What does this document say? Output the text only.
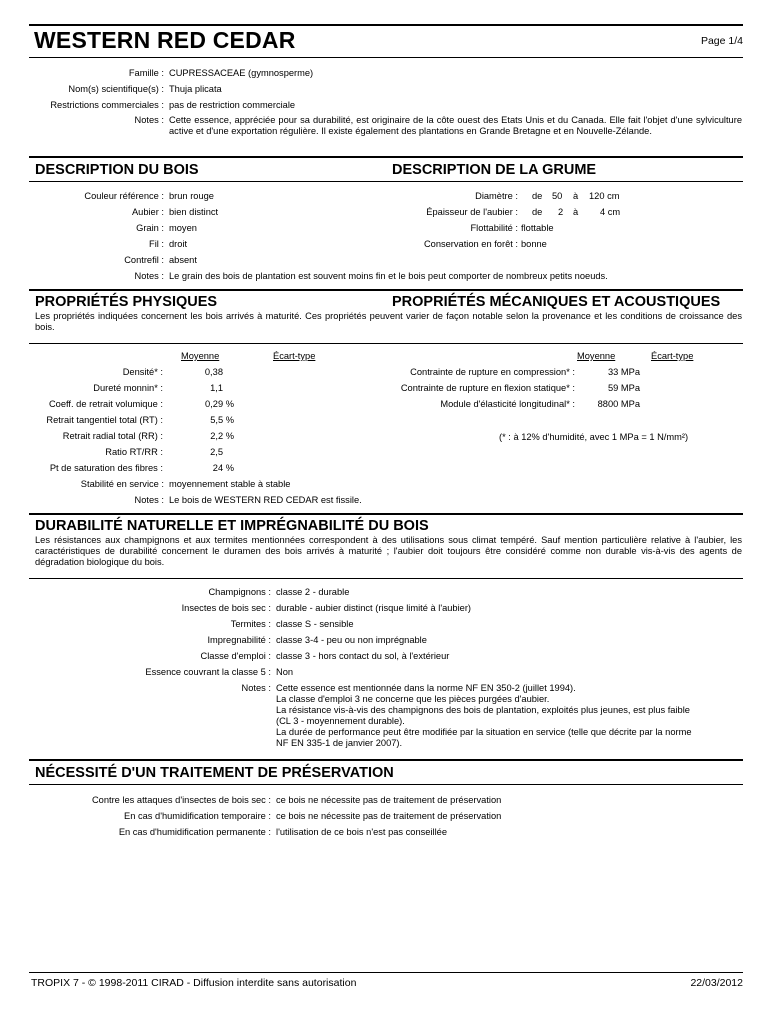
WESTERN RED CEDAR	Page 1/4
Famille : CUPRESSACEAE (gymnosperme)
Nom(s) scientifique(s) : Thuja plicata
Restrictions commerciales : pas de restriction commerciale
Notes : Cette essence, appréciée pour sa durabilité, est originaire de la côte ouest des Etats Unis et du Canada. Elle fait l'objet d'une sylviculture active et d'une exportation régulière. Il existe également des plantations en Grande Bretagne et en Nouvelle-Zélande.
DESCRIPTION DU BOIS	DESCRIPTION DE LA GRUME
Couleur référence : brun rouge
Aubier : bien distinct
Grain : moyen
Fil : droit
Contrefil : absent
Notes : Le grain des bois de plantation est souvent moins fin et le bois peut comporter de nombreux petits noeuds.
Diamètre : de 50 à 120 cm
Épaisseur de l'aubier : de 2 à 4 cm
Flottabilité : flottable
Conservation en forêt : bonne
PROPRIÉTÉS PHYSIQUES	PROPRIÉTÉS MÉCANIQUES ET ACOUSTIQUES
Les propriétés indiquées concernent les bois arrivés à maturité. Ces propriétés peuvent varier de façon notable selon la provenance et les conditions de croissance des bois.
Moyenne	Écart-type	Moyenne	Écart-type
Densité* :	0,38
Dureté monnin* :	1,1
Coeff. de retrait volumique :	0,29 %
Retrait tangentiel total (RT) :	5,5 %
Retrait radial total (RR) :	2,2 %
Ratio RT/RR :	2,5
Pt de saturation des fibres :	24 %
Stabilité en service : moyennement stable à stable
Notes : Le bois de WESTERN RED CEDAR est fissile.
Contrainte de rupture en compression* :	33 MPa
Contrainte de rupture en flexion statique* :	59 MPa
Module d'élasticité longitudinal* : 8800 MPa
(* : à 12% d'humidité, avec 1 MPa = 1 N/mm²)
DURABILITÉ NATURELLE ET IMPRÉGNABILITÉ DU BOIS
Les résistances aux champignons et aux termites mentionnées correspondent à des utilisations sous climat tempéré. Sauf mention particulière relative à l'aubier, les caractéristiques de durabilité concernent le duramen des bois arrivés à maturité ; l'aubier doit toujours être considéré comme non durable vis-à-vis des agents de dégradation biologique du bois.
Champignons : classe 2 - durable
Insectes de bois sec : durable - aubier distinct (risque limité à l'aubier)
Termites : classe S - sensible
Impregnabilité : classe 3-4 - peu ou non imprégnable
Classe d'emploi : classe 3 - hors contact du sol, à l'extérieur
Essence couvrant la classe 5 : Non
Notes : Cette essence est mentionnée dans la norme NF EN 350-2 (juillet 1994).
La classe d'emploi 3 ne concerne que les pièces purgées d'aubier.
La résistance vis-à-vis des champignons des bois de plantation, exploités plus jeunes, est plus faible
(CL 3 - moyennement durable).
La durée de performance peut être modifiée par la situation en service (telle que décrite par la norme
NF EN 335-1 de janvier 2007).
NÉCESSITÉ D'UN TRAITEMENT DE PRÉSERVATION
Contre les attaques d'insectes de bois sec : ce bois ne nécessite pas de traitement de préservation
En cas d'humidification temporaire : ce bois ne nécessite pas de traitement de préservation
En cas d'humidification permanente : l'utilisation de ce bois n'est pas conseillée
TROPIX 7 - © 1998-2011 CIRAD - Diffusion interdite sans autorisation	22/03/2012
